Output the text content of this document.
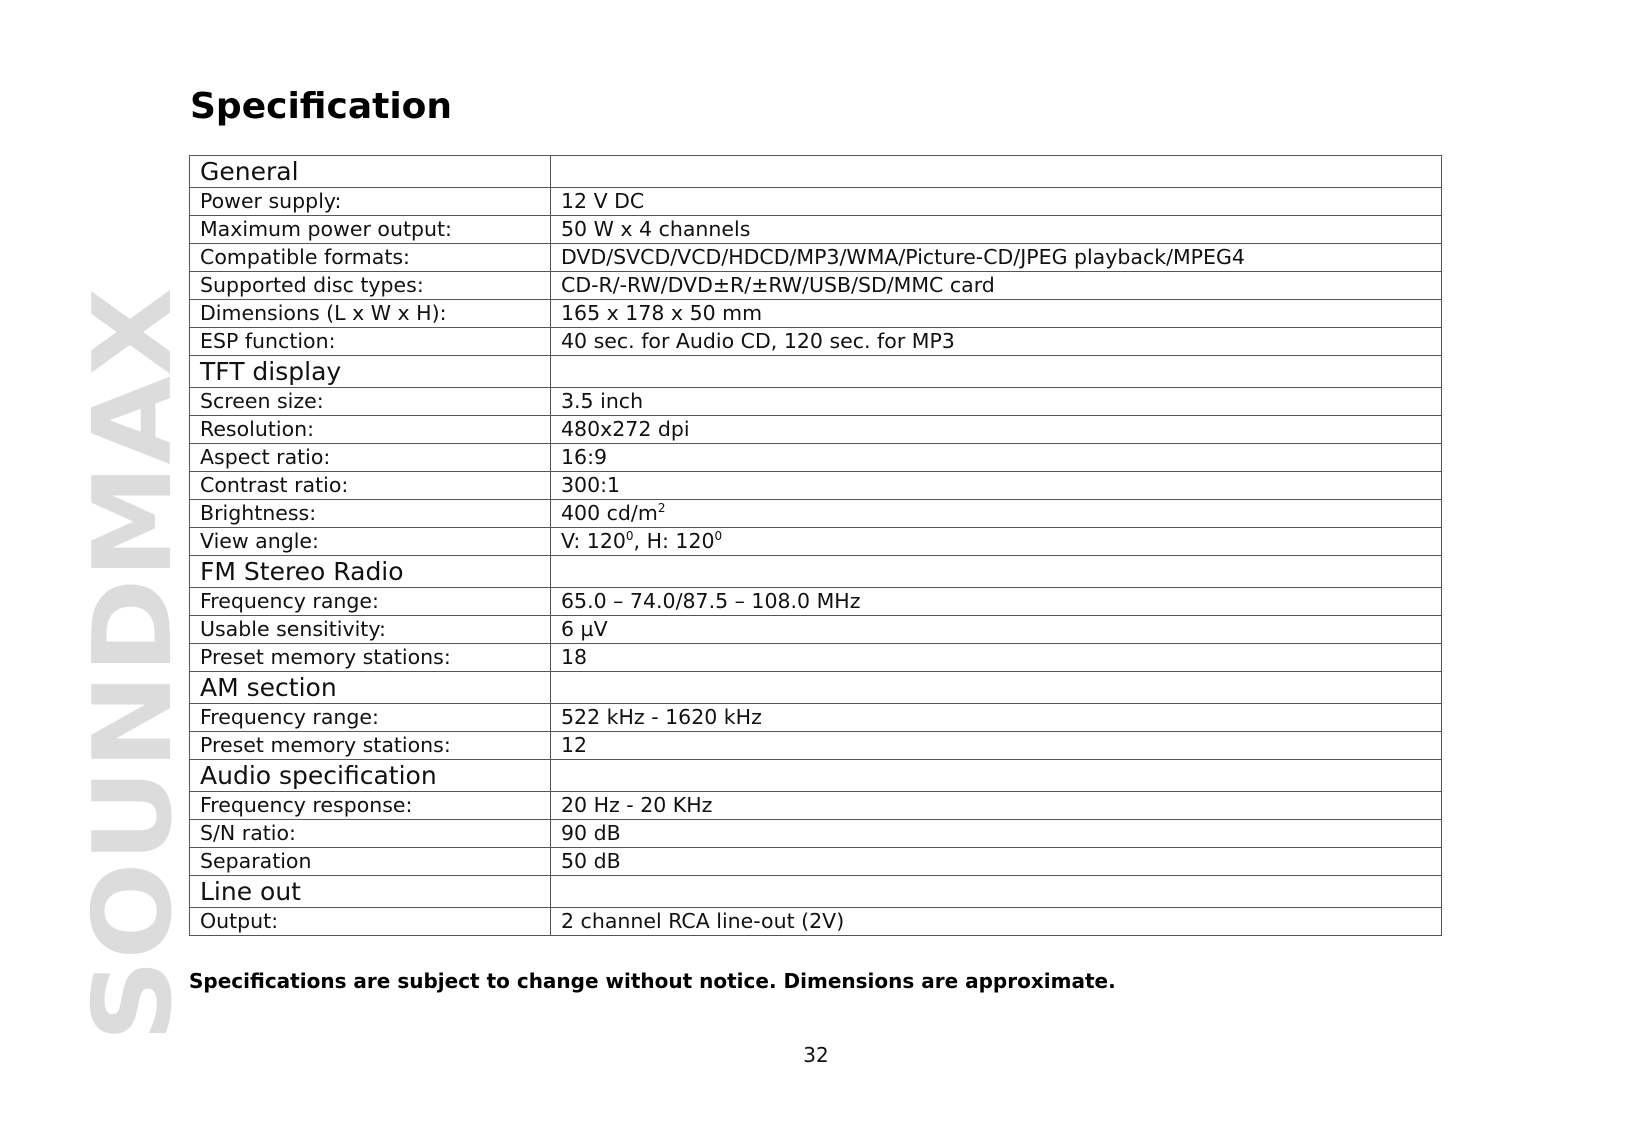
SOUNDMAX
Specification
General	
Power supply:	12 V DC
Maximum power output:	50 W x 4 channels
Compatible formats:	DVD/SVCD/VCD/HDCD/MP3/WMA/Picture-CD/JPEG playback/MPEG4
Supported disc types:	CD-R/-RW/DVD±R/±RW/USB/SD/MMC card
Dimensions (L x W x H):	165 x 178 x 50 mm
ESP function:	40 sec. for Audio CD, 120 sec. for MP3
TFT display	
Screen size:	3.5 inch
Resolution:	480x272 dpi
Aspect ratio:	16:9
Contrast ratio:	300:1
Brightness:	400 $cd/m^2$
View angle:	V: $120^0$, H: $120^0$
FM Stereo Radio	
Frequency range:	65.0 – 74.0/87.5 – 108.0 MHz
Usable sensitivity:	6 µV
Preset memory stations:	18
AM section	
Frequency range:	522 kHz - 1620 kHz
Preset memory stations:	12
Audio specification	
Frequency response:	20 Hz - 20 KHz
S/N ratio:	90 dB
Separation	50 dB
Line out	
Output:	2 channel RCA line-out (2V)

Specifications are subject to change without notice. Dimensions are approximate.

32
